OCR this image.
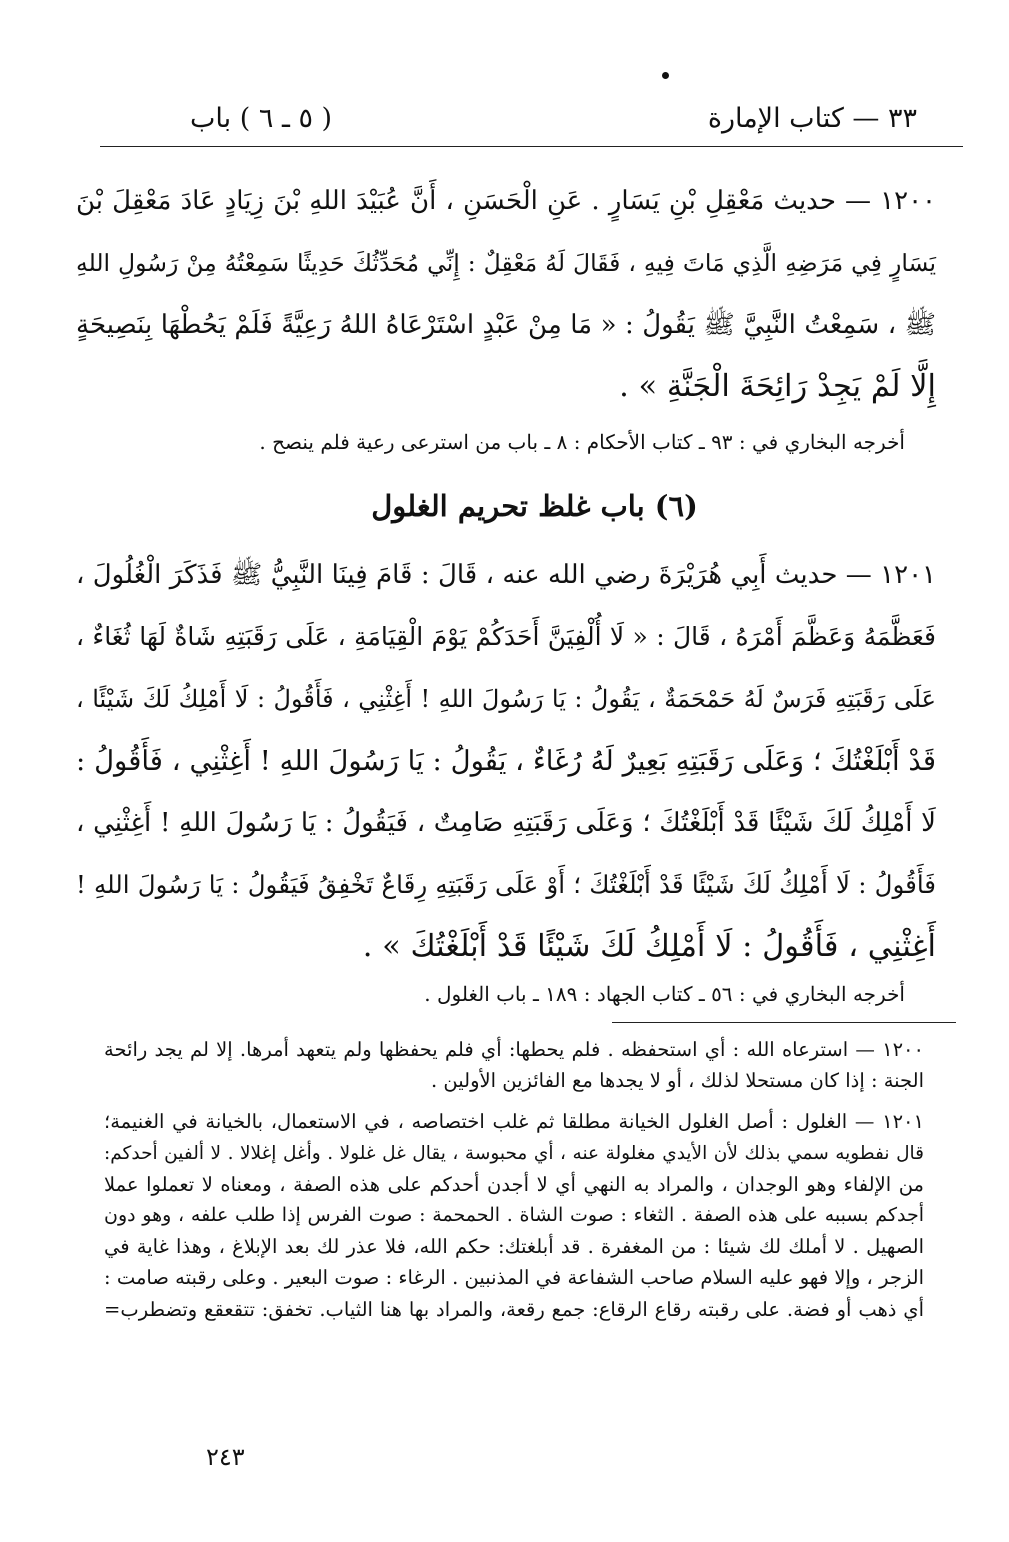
٣٣ — كتاب الإمارة
( ٥ ـ ٦ ) باب
١٢٠٠ — حديث مَعْقِلِ بْنِ يَسَارٍ . عَنِ الْحَسَنِ ، أَنَّ عُبَيْدَ اللهِ بْنَ زِيَادٍ عَادَ مَعْقِلَ بْنَ
يَسَارٍ فِي مَرَضِهِ الَّذِي مَاتَ فِيهِ ، فَقَالَ لَهُ مَعْقِلٌ : إِنِّي مُحَدِّثُكَ حَدِيثًا سَمِعْتُهُ مِنْ رَسُولِ اللهِ
ﷺ ، سَمِعْتُ النَّبِيَّ ﷺ يَقُولُ : « مَا مِنْ عَبْدٍ اسْتَرْعَاهُ اللهُ رَعِيَّةً فَلَمْ يَحُطْهَا بِنَصِيحَةٍ
إِلَّا لَمْ يَجِدْ رَائِحَةَ الْجَنَّةِ » .
أخرجه البخاري في : ٩٣ ـ كتاب الأحكام : ٨ ـ باب من استرعى رعية فلم ينصح .
(٦) باب غلظ تحريم الغلول
١٢٠١ — حديث أَبِي هُرَيْرَةَ رضي الله عنه ، قَالَ : قَامَ فِينَا النَّبِيُّ ﷺ فَذَكَرَ الْغُلُولَ ،
فَعَظَّمَهُ وَعَظَّمَ أَمْرَهُ ، قَالَ : « لَا أُلْفِيَنَّ أَحَدَكُمْ يَوْمَ الْقِيَامَةِ ، عَلَى رَقَبَتِهِ شَاةٌ لَهَا ثُغَاءٌ ،
عَلَى رَقَبَتِهِ فَرَسٌ لَهُ حَمْحَمَةٌ ، يَقُولُ : يَا رَسُولَ اللهِ ! أَغِثْنِي ، فَأَقُولُ : لَا أَمْلِكُ لَكَ شَيْئًا ،
قَدْ أَبْلَغْتُكَ ؛ وَعَلَى رَقَبَتِهِ بَعِيرٌ لَهُ رُغَاءٌ ، يَقُولُ : يَا رَسُولَ اللهِ ! أَغِثْنِي ، فَأَقُولُ :
لَا أَمْلِكُ لَكَ شَيْئًا قَدْ أَبْلَغْتُكَ ؛ وَعَلَى رَقَبَتِهِ صَامِتٌ ، فَيَقُولُ : يَا رَسُولَ اللهِ ! أَغِثْنِي ،
فَأَقُولُ : لَا أَمْلِكُ لَكَ شَيْئًا قَدْ أَبْلَغْتُكَ ؛ أَوْ عَلَى رَقَبَتِهِ رِقَاعٌ تَخْفِقُ فَيَقُولُ : يَا رَسُولَ اللهِ !
أَغِثْنِي ، فَأَقُولُ : لَا أَمْلِكُ لَكَ شَيْئًا قَدْ أَبْلَغْتُكَ » .
أخرجه البخاري في : ٥٦ ـ كتاب الجهاد : ١٨٩ ـ باب الغلول .
١٢٠٠ — استرعاه الله : أي استحفظه . فلم يحطها: أي فلم يحفظها ولم يتعهد أمرها. إلا لم يجد رائحة
الجنة : إذا كان مستحلا لذلك ، أو لا يجدها مع الفائزين الأولين .
١٢٠١ — الغلول : أصل الغلول الخيانة مطلقا ثم غلب اختصاصه ، في الاستعمال، بالخيانة في الغنيمة؛
قال نفطويه سمي بذلك لأن الأيدي مغلولة عنه ، أي محبوسة ، يقال غل غلولا . وأغل إغلالا . لا ألفين أحدكم:
من الإلفاء وهو الوجدان ، والمراد به النهي أي لا أجدن أحدكم على هذه الصفة ، ومعناه لا تعملوا عملا
أجدكم بسببه على هذه الصفة . الثغاء : صوت الشاة . الحمحمة : صوت الفرس إذا طلب علفه ، وهو دون
الصهيل . لا أملك لك شيئا : من المغفرة . قد أبلغتك: حكم الله، فلا عذر لك بعد الإبلاغ ، وهذا غاية في
الزجر ، وإلا فهو عليه السلام صاحب الشفاعة في المذنبين . الرغاء : صوت البعير . وعلى رقبته صامت :
أي ذهب أو فضة. على رقبته رقاع الرقاع: جمع رقعة، والمراد بها هنا الثياب. تخفق: تتقعقع وتضطرب=
٢٤٣
